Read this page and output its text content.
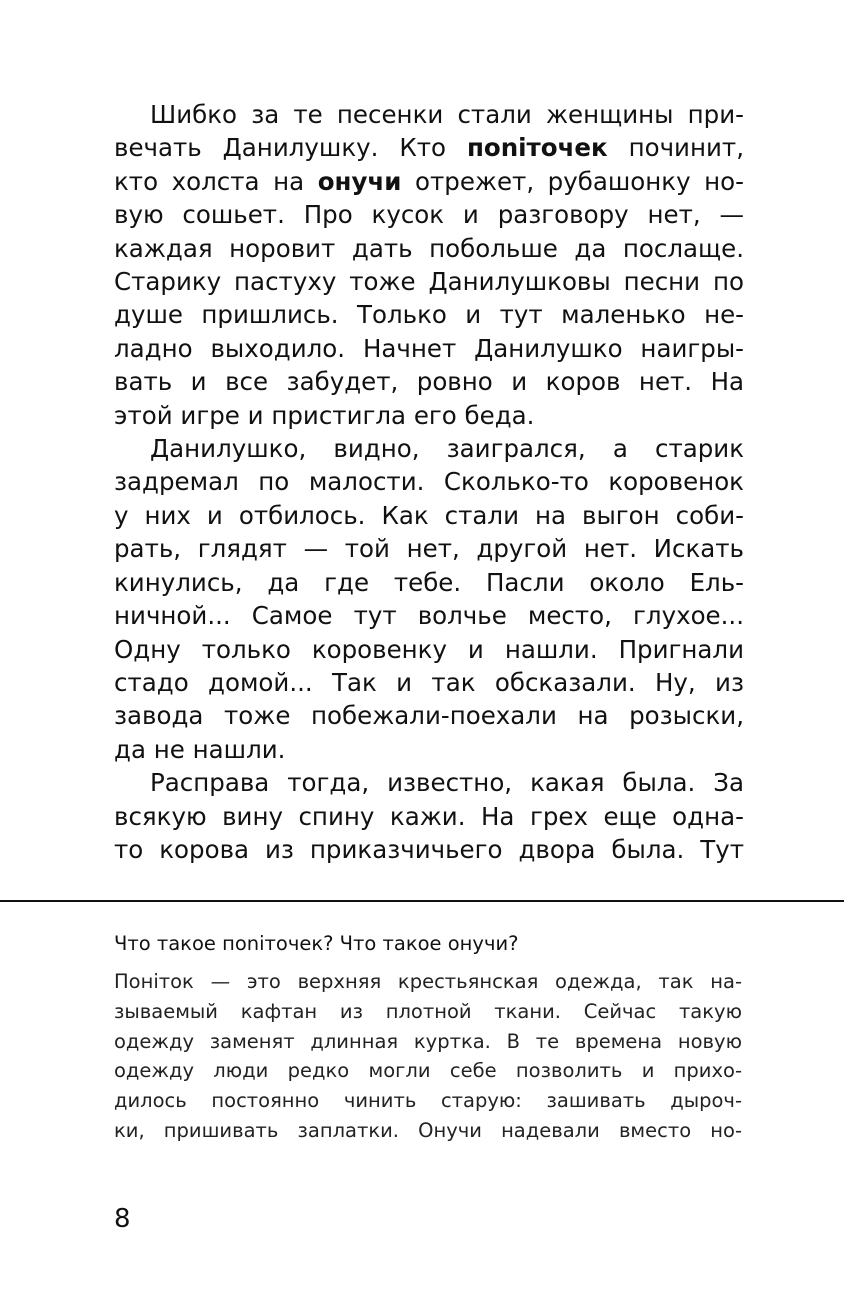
Шибко за те песенки стали женщины при-
вечать Данилушку. Кто поniточек починит,
кто холста на онучи отрежет, рубашонку но-
вую сошьет. Про кусок и разговору нет, —
каждая норовит дать побольше да послаще.
Старику пастуху тоже Данилушковы песни по
душе пришлись. Только и тут маленько не-
ладно выходило. Начнет Данилушко наигры-
вать и все забудет, ровно и коров нет. На
этой игре и пристигла его беда.
Данилушко, видно, заигрался, а старик
задремал по малости. Сколько-то коровенок
у них и отбилось. Как стали на выгон соби-
рать, глядят — той нет, другой нет. Искать
кинулись, да где тебе. Пасли около Ель-
ничной... Самое тут волчье место, глухое...
Одну только коровенку и нашли. Пригнали
стадо домой... Так и так обсказали. Ну, из
завода тоже побежали-поехали на розыски,
да не нашли.
Расправа тогда, известно, какая была. За
всякую вину спину кажи. На грех еще одна-
то корова из приказчичьего двора была. Тут
Что такое поniточек? Что такое онучи?
Понiток — это верхняя крестьянская одежда, так на-
зываемый кафтан из плотной ткани. Сейчас такую
одежду заменят длинная куртка. В те времена новую
одежду люди редко могли себе позволить и прихо-
дилось постоянно чинить старую: зашивать дыроч-
ки, пришивать заплатки. Онучи надевали вместо но-
8
